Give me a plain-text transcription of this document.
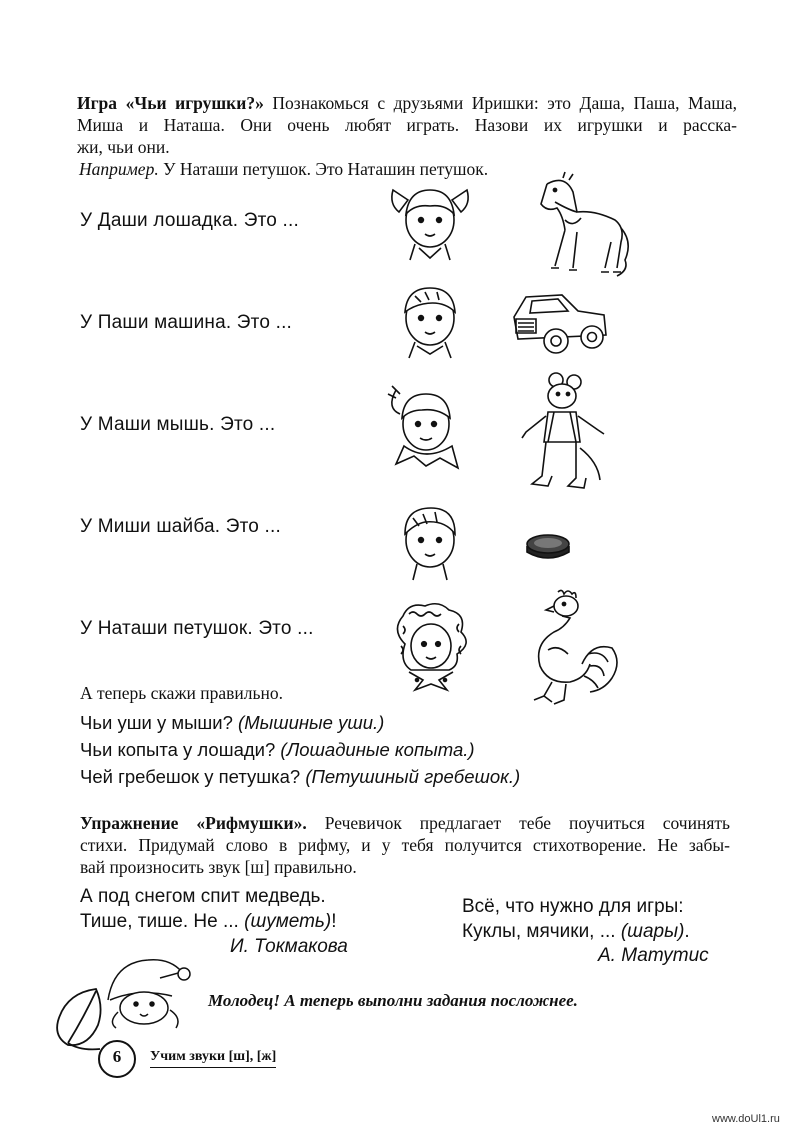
Игра «Чьи игрушки?» Познакомься с друзьями Иришки: это Даша, Паша, Маша, Миша и Наташа. Они очень любят играть. Назови их игрушки и расска-
жи, чьи они.
Например. У Наташи петушок. Это Наташин петушок.
У Даши лошадка. Это ...
У Паши машина. Это ...
У Маши мышь. Это ...
У Миши шайба. Это ...
У Наташи петушок. Это ...
А теперь скажи правильно.
Чьи уши у мыши? (Мышиные уши.)
Чьи копыта у лошади? (Лошадиные копыта.)
Чей гребешок у петушка? (Петушиный гребешок.)
Упражнение «Рифмушки». Речевичок предлагает тебе поучиться сочинять
стихи. Придумай слово в рифму, и у тебя получится стихотворение. Не забы-
вай произносить звук [ш] правильно.
А под снегом спит медведь.
Тише, тише. Не ... (шуметь)!
И. Токмакова
Всё, что нужно для игры:
Куклы, мячики, ... (шары).
А. Матутис
Молодец! А теперь выполни задания посложнее.
6	Учим звуки [ш], [ж]
www.doUl1.ru
